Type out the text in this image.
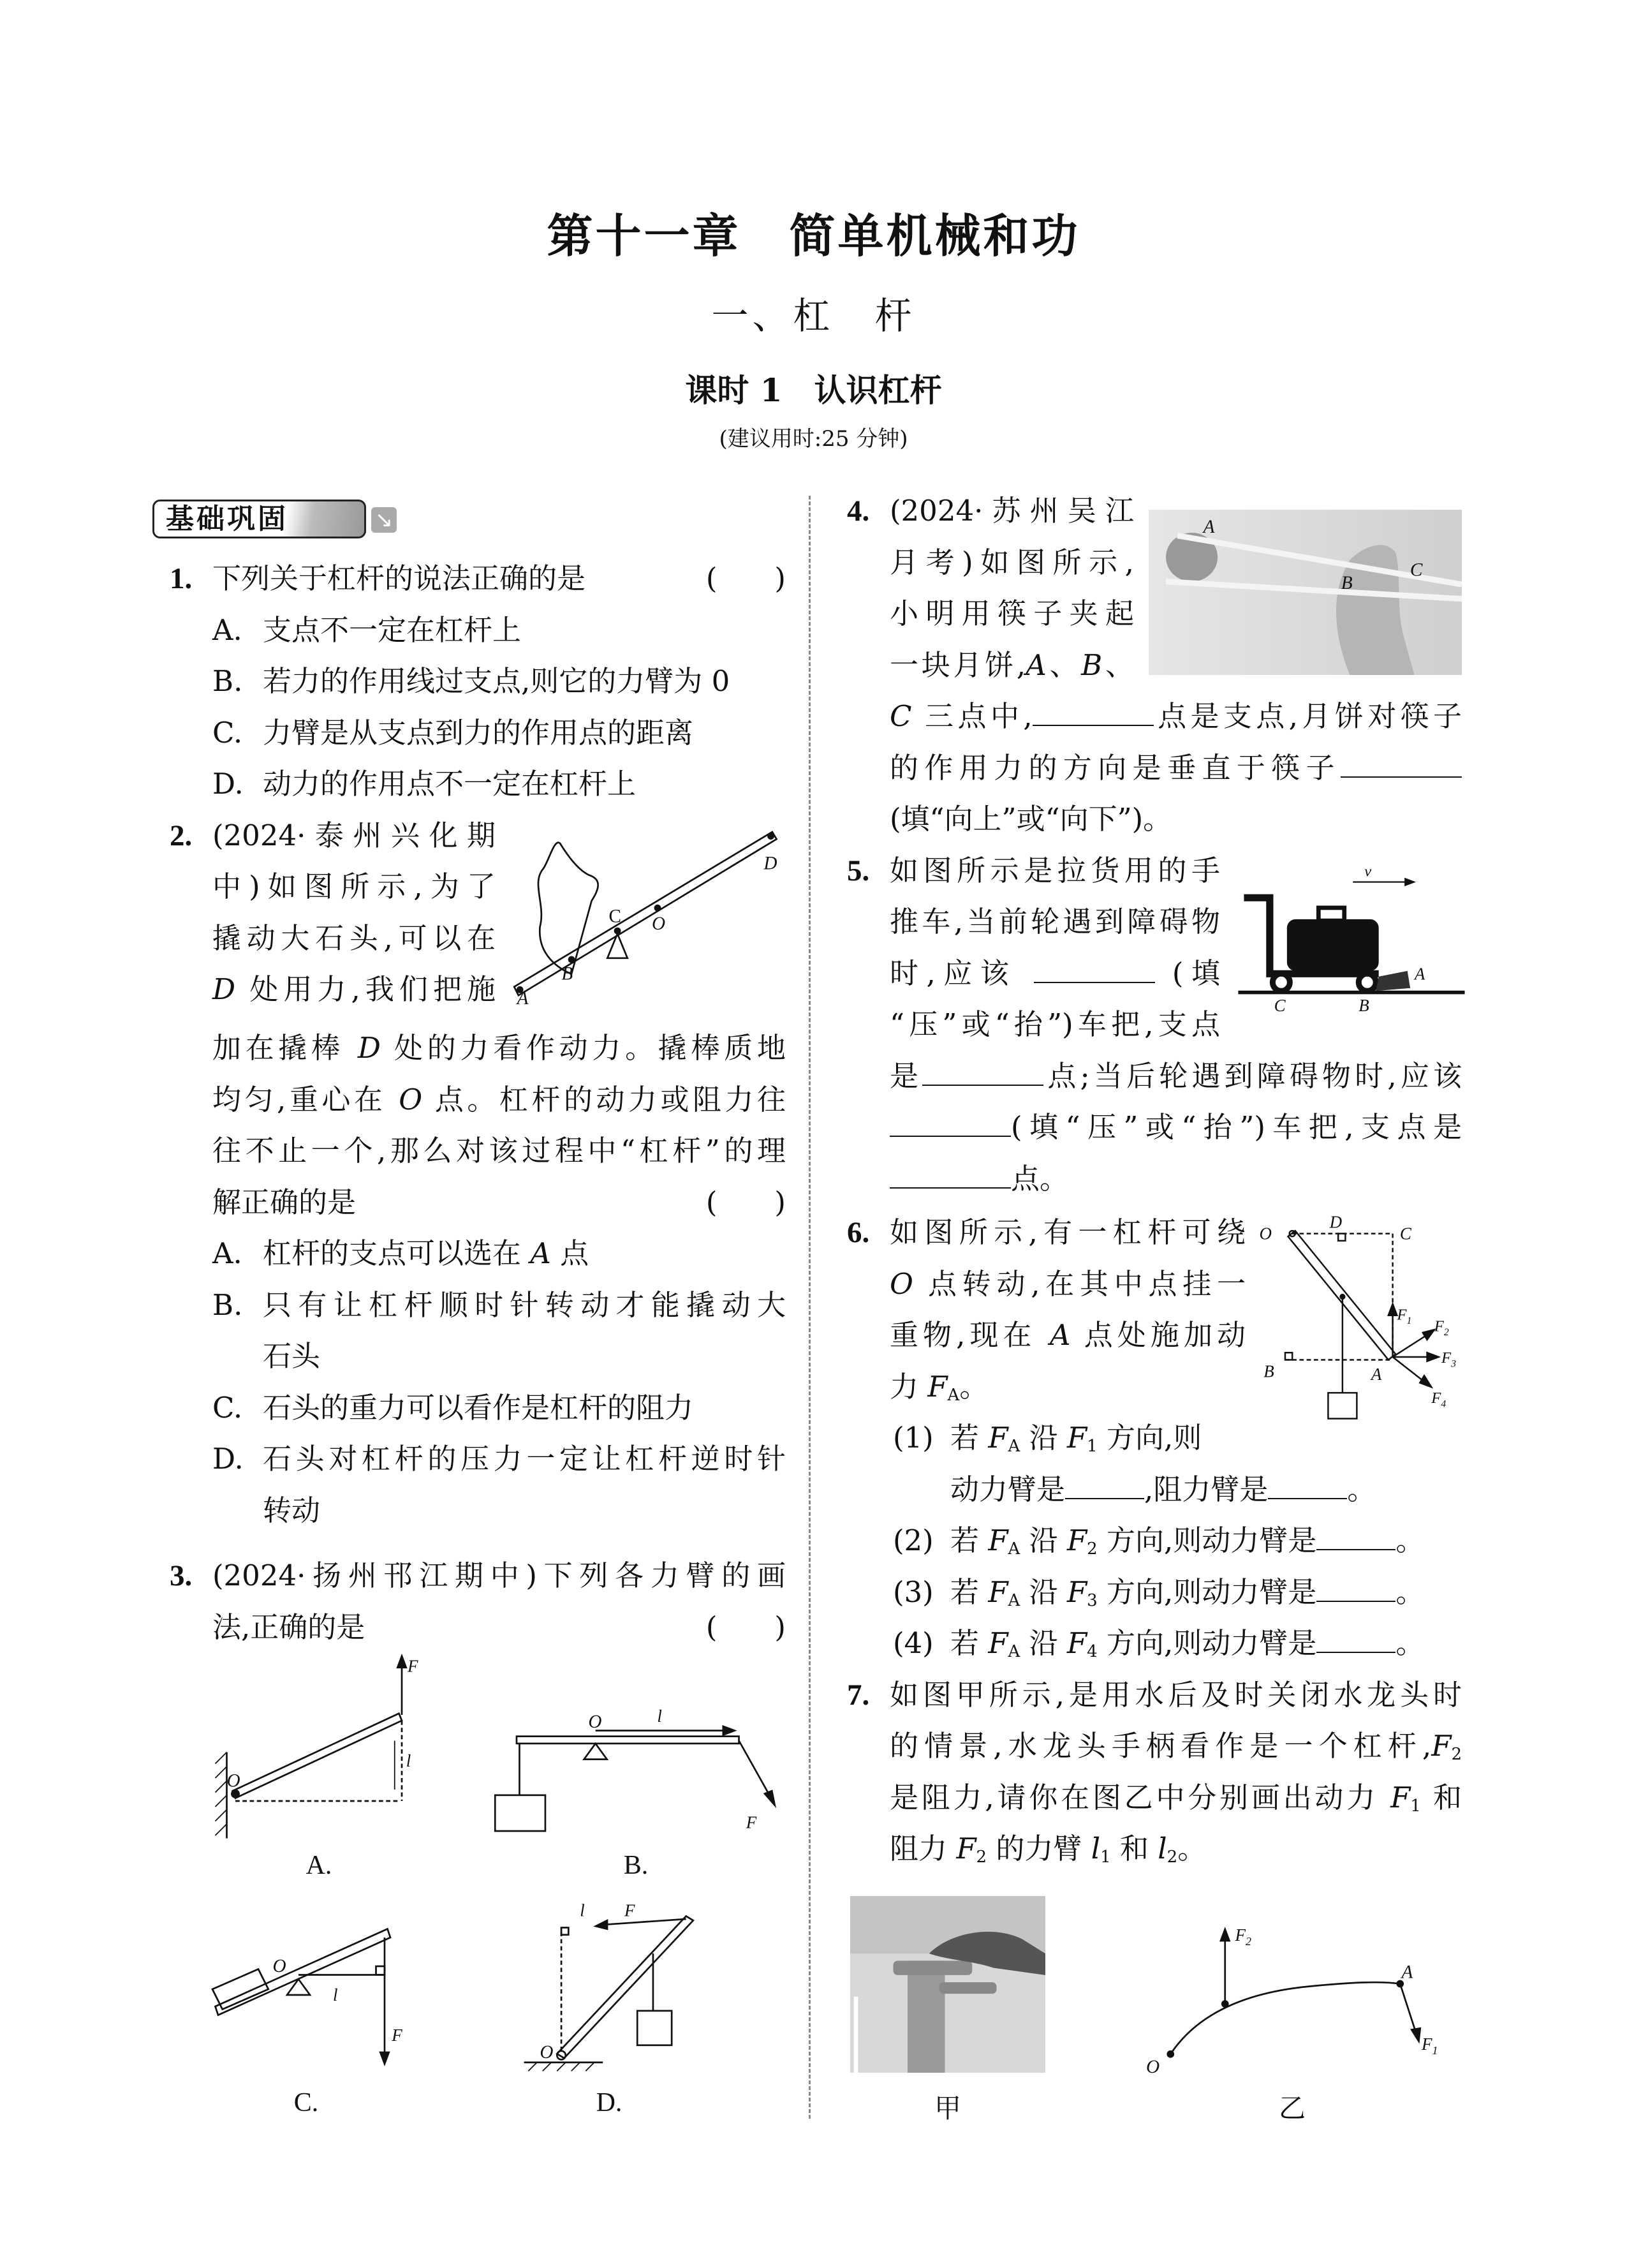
第十一章　简单机械和功
一、杠　杆
课时 1　认识杠杆
(建议用时:25 分钟)
基础巩固	↘
1. 下列关于杠杆的说法正确的是	(　　)
A. 支点不一定在杠杆上
B. 若力的作用线过支点,则它的力臂为 0
C. 力臂是从支点到力的作用点的距离
D. 动力的作用点不一定在杠杆上
2. (2024·泰州兴化期
中)如图所示,为了
撬动大石头,可以在
D 处用力,我们把施
C	O
D
B
A
加在撬棒 D 处的力看作动力。撬棒质地
均匀,重心在 O 点。杠杆的动力或阻力往
往不止一个,那么对该过程中“杠杆”的理
解正确的是	(　　)
A. 杠杆的支点可以选在 A 点
B. 只有让杠杆顺时针转动才能撬动大
石头
C. 石头的重力可以看作是杠杆的阻力
D. 石头对杠杆的压力一定让杠杆逆时针
转动
3. (2024·扬州邗江期中)下列各力臂的画
法,正确的是	(　　)
F
l
O
A.
O	l
F
B.
O
l
F
C.
O
l	F
D.
4. (2024·苏州吴江
月考)如图所示,
小明用筷子夹起
一块月饼,A、B、
C 三点中,	点是支点,月饼对筷子
的作用力的方向是垂直于筷子
(填“向上”或“向下”)。
5. 如图所示是拉货用的手
推车,当前轮遇到障碍物
时,应该	(填
“压”或“抬”)车把,支点
是	点;当后轮遇到障碍物时,应该
(填“压”或“抬”)车把,支点是
点。
A
B
C
v
A
C	B
6. 如图所示,有一杠杆可绕
O 点转动,在其中点挂一
重物,现在 A 点处施加动
力 $F_A$。
(1) 若 $F_A$ 沿 $F_1$ 方向,则
动力臂是	,阻力臂是	。
(2) 若 $F_A$ 沿 $F_2$ 方向,则动力臂是	。
(3) 若 $F_A$ 沿 $F_3$ 方向,则动力臂是	。
(4) 若 $F_A$ 沿 $F_4$ 方向,则动力臂是	。
7. 如图甲所示,是用水后及时关闭水龙头时
的情景,水龙头手柄看作是一个杠杆$,F_2$
是阻力,请你在图乙中分别画出动力 $F_1$ 和
阻力 $F_2$ 的力臂 $l_1$ 和 $l_2$。
O
D
C
B	A
$F_1$	$F_2$
$F_3$
$F_4$
甲
O
A
$F_2$
$F_1$
乙
